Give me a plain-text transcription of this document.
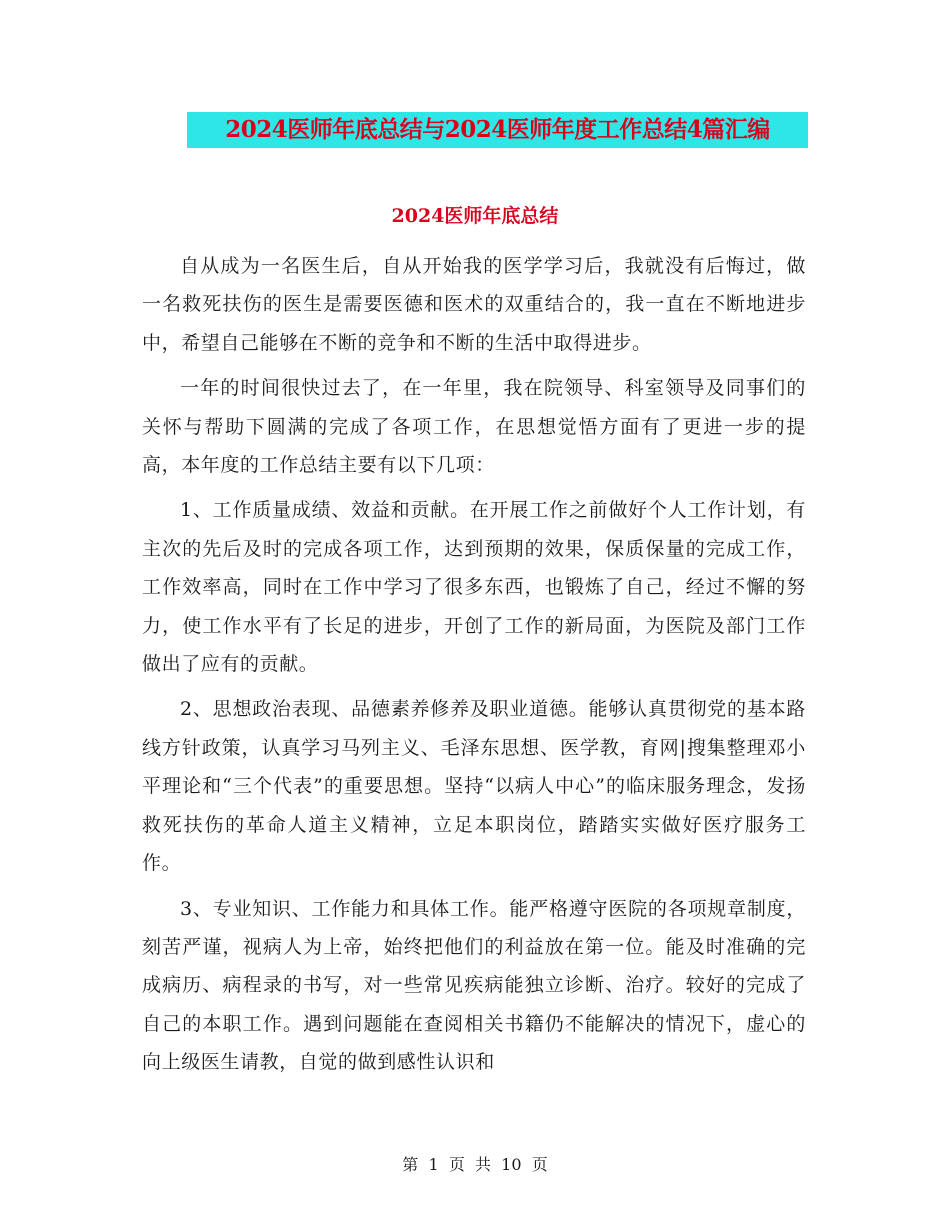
2024医师年底总结与2024医师年度工作总结4篇汇编
2024医师年底总结

自从成为一名医生后，自从开始我的医学学习后，我就没有后悔过，做一名救死扶伤的医生是需要医德和医术的双重结合的，我一直在不断地进步中，希望自己能够在不断的竞争和不断的生活中取得进步。

一年的时间很快过去了，在一年里，我在院领导、科室领导及同事们的关怀与帮助下圆满的完成了各项工作，在思想觉悟方面有了更进一步的提高，本年度的工作总结主要有以下几项：

1、工作质量成绩、效益和贡献。在开展工作之前做好个人工作计划，有主次的先后及时的完成各项工作，达到预期的效果，保质保量的完成工作，工作效率高，同时在工作中学习了很多东西，也锻炼了自己，经过不懈的努力，使工作水平有了长足的进步，开创了工作的新局面，为医院及部门工作做出了应有的贡献。

2、思想政治表现、品德素养修养及职业道德。能够认真贯彻党的基本路线方针政策，认真学习马列主义、毛泽东思想、医学教，育网|搜集整理邓小平理论和“三个代表”的重要思想。坚持“以病人中心”的临床服务理念，发扬救死扶伤的革命人道主义精神，立足本职岗位，踏踏实实做好医疗服务工作。

3、专业知识、工作能力和具体工作。能严格遵守医院的各项规章制度，刻苦严谨，视病人为上帝，始终把他们的利益放在第一位。能及时准确的完成病历、病程录的书写，对一些常见疾病能独立诊断、治疗。较好的完成了自己的本职工作。遇到问题能在查阅相关书籍仍不能解决的情况下，虚心的向上级医生请教，自觉的做到感性认识和

第  1  页  共  10  页
